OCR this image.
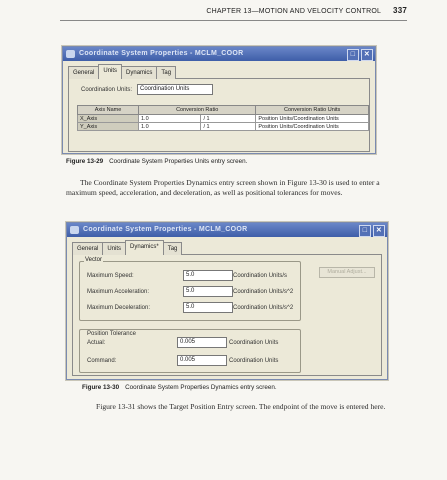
CHAPTER 13—MOTION AND VELOCITY CONTROL 337
Coordinate System Properties - MCLM_COOR	□	✕
General	Units	Dynamics	Tag
Coordination Units:	Coordination Units
Axis Name	Conversion Ratio		Conversion Ratio Units
X_Axis	1.0	/ 1	Position Units/Coordination Units
Y_Axis	1.0	/ 1	Position Units/Coordination Units
Figure 13-29 Coordinate System Properties Units entry screen.
The Coordinate System Properties Dynamics entry screen shown in Figure 13-30 is used to enter a maximum speed, acceleration, and deceleration, as well as positional tolerances for moves.
Coordinate System Properties - MCLM_COOR	□	✕
General	Units	Dynamics*	Tag
Vector
Maximum Speed:	5.0	Coordination Units/s
Maximum Acceleration:	5.0	Coordination Units/s^2
Maximum Deceleration:	5.0	Coordination Units/s^2
Manual Adjust...
Position Tolerance
Actual:	0.005	Coordination Units
Command:	0.005	Coordination Units
Figure 13-30 Coordinate System Properties Dynamics entry screen.
Figure 13-31 shows the Target Position Entry screen. The endpoint of the move is entered here.
